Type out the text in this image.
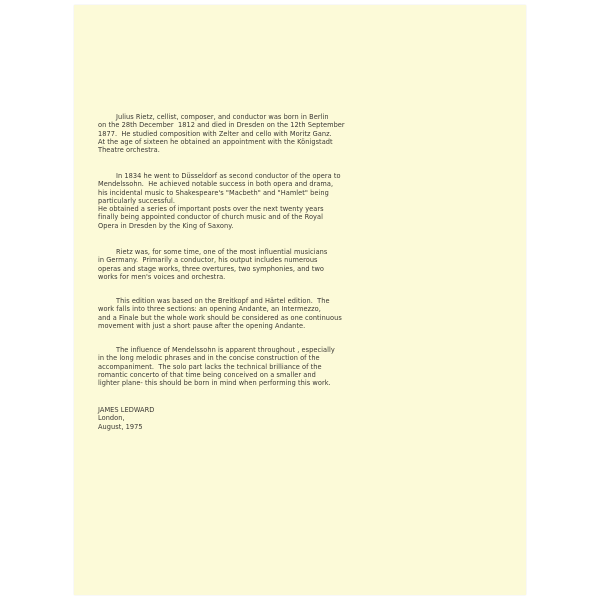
Julius Rietz, cellist, composer, and conductor was born in Berlin
on the 28th December  1812 and died in Dresden on the 12th September
1877.  He studied composition with Zelter and cello with Moritz Ganz.
At the age of sixteen he obtained an appointment with the Königstadt
Theatre orchestra.
In 1834 he went to Düsseldorf as second conductor of the opera to
Mendelssohn.  He achieved notable success in both opera and drama,
his incidental music to Shakespeare's "Macbeth" and "Hamlet" being
particularly successful.
He obtained a series of important posts over the next twenty years
finally being appointed conductor of church music and of the Royal
Opera in Dresden by the King of Saxony.
Rietz was, for some time, one of the most influential musicians
in Germany.  Primarily a conductor, his output includes numerous
operas and stage works, three overtures, two symphonies, and two
works for men's voices and orchestra.
This edition was based on the Breitkopf and Härtel edition.  The
work falls into three sections: an opening Andante, an Intermezzo,
and a Finale but the whole work should be considered as one continuous
movement with just a short pause after the opening Andante.
The influence of Mendelssohn is apparent throughout , especially
in the long melodic phrases and in the concise construction of the
accompaniment.  The solo part lacks the technical brilliance of the
romantic concerto of that time being conceived on a smaller and
lighter plane- this should be born in mind when performing this work.
JAMES LEDWARD
London,
August, 1975
